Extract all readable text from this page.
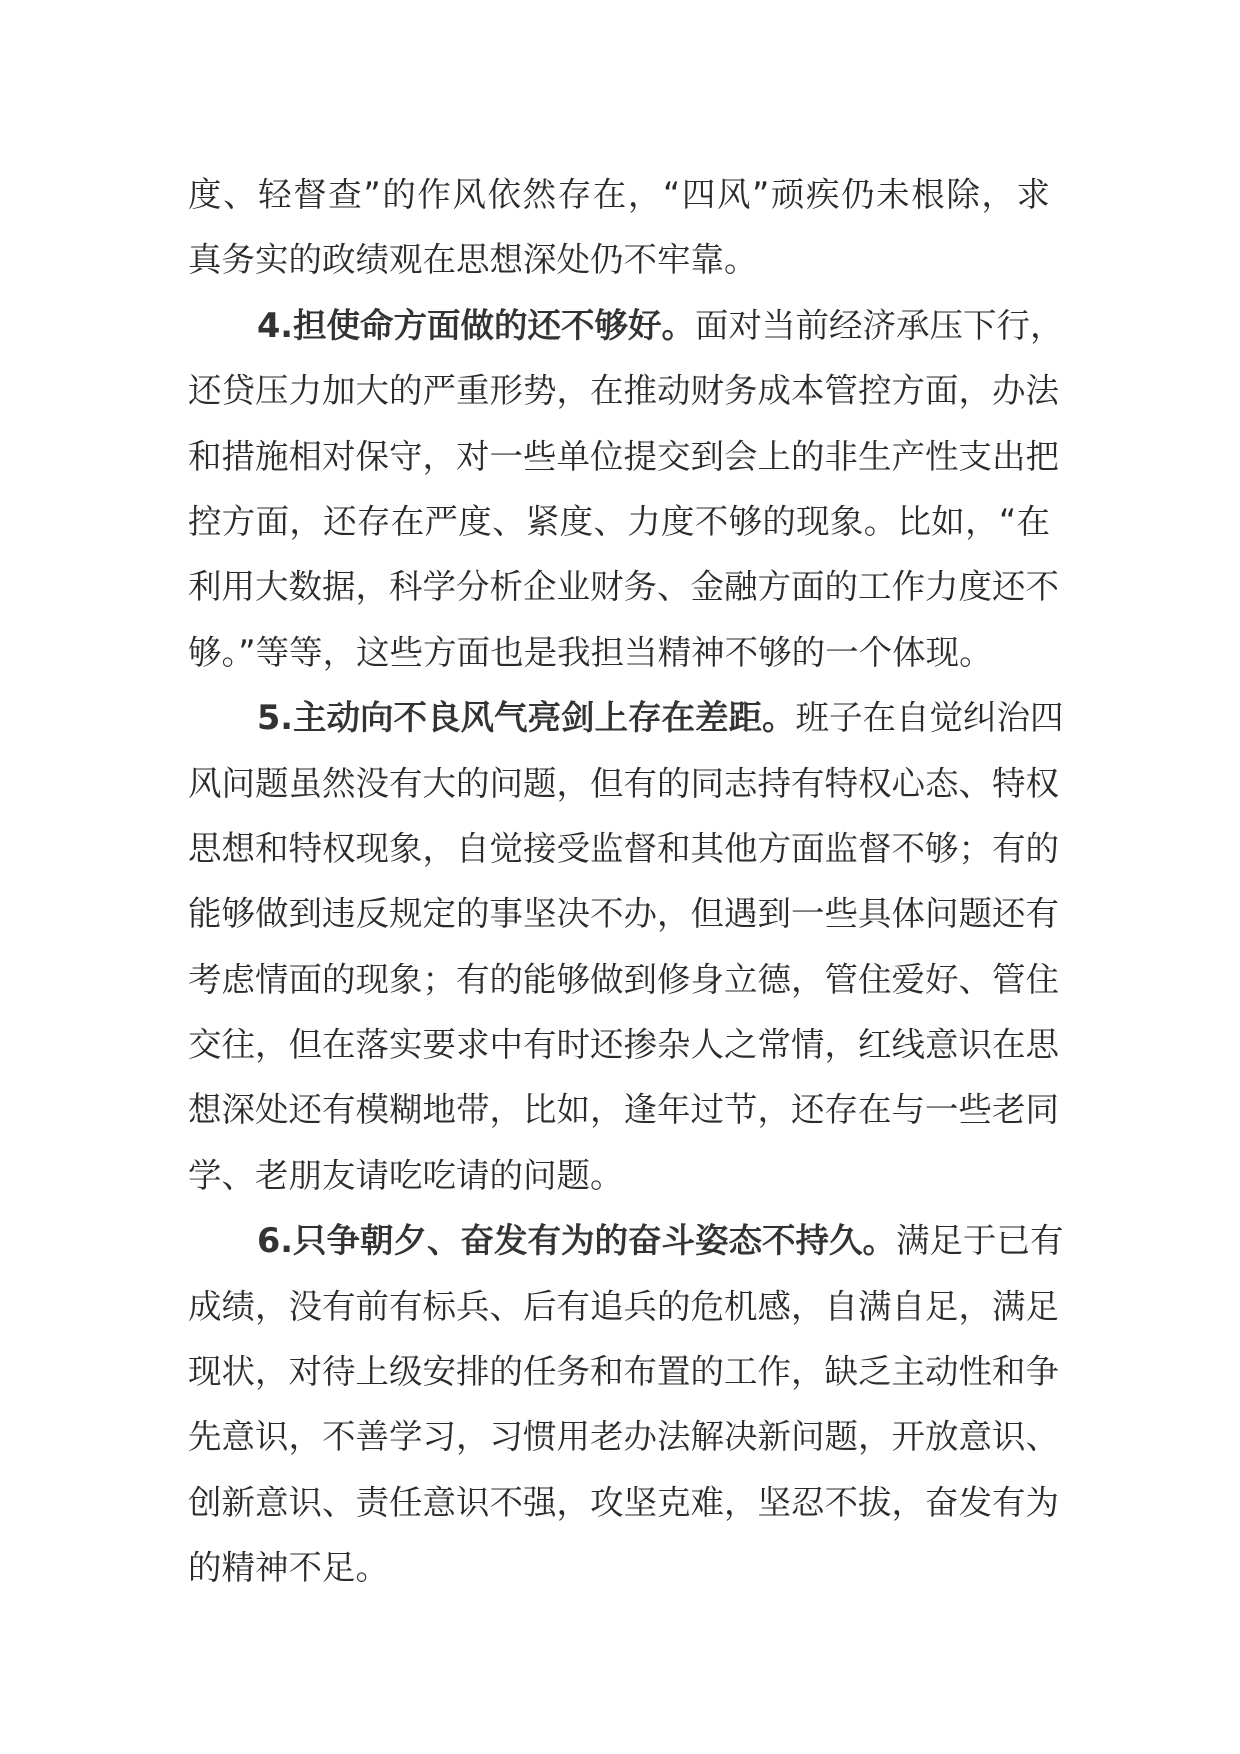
度、轻督查”的作风依然存在，“四风”顽疾仍未根除，求
真务实的政绩观在思想深处仍不牢靠。
4.担使命方面做的还不够好。面对当前经济承压下行，
还贷压力加大的严重形势，在推动财务成本管控方面，办法
和措施相对保守，对一些单位提交到会上的非生产性支出把
控方面，还存在严度、紧度、力度不够的现象。比如，“在
利用大数据，科学分析企业财务、金融方面的工作力度还不
够。”等等，这些方面也是我担当精神不够的一个体现。
5.主动向不良风气亮剑上存在差距。班子在自觉纠治四
风问题虽然没有大的问题，但有的同志持有特权心态、特权
思想和特权现象，自觉接受监督和其他方面监督不够；有的
能够做到违反规定的事坚决不办，但遇到一些具体问题还有
考虑情面的现象；有的能够做到修身立德，管住爱好、管住
交往，但在落实要求中有时还掺杂人之常情，红线意识在思
想深处还有模糊地带，比如，逢年过节，还存在与一些老同
学、老朋友请吃吃请的问题。
6.只争朝夕、奋发有为的奋斗姿态不持久。满足于已有
成绩，没有前有标兵、后有追兵的危机感，自满自足，满足
现状，对待上级安排的任务和布置的工作，缺乏主动性和争
先意识，不善学习，习惯用老办法解决新问题，开放意识、
创新意识、责任意识不强，攻坚克难，坚忍不拔，奋发有为
的精神不足。
